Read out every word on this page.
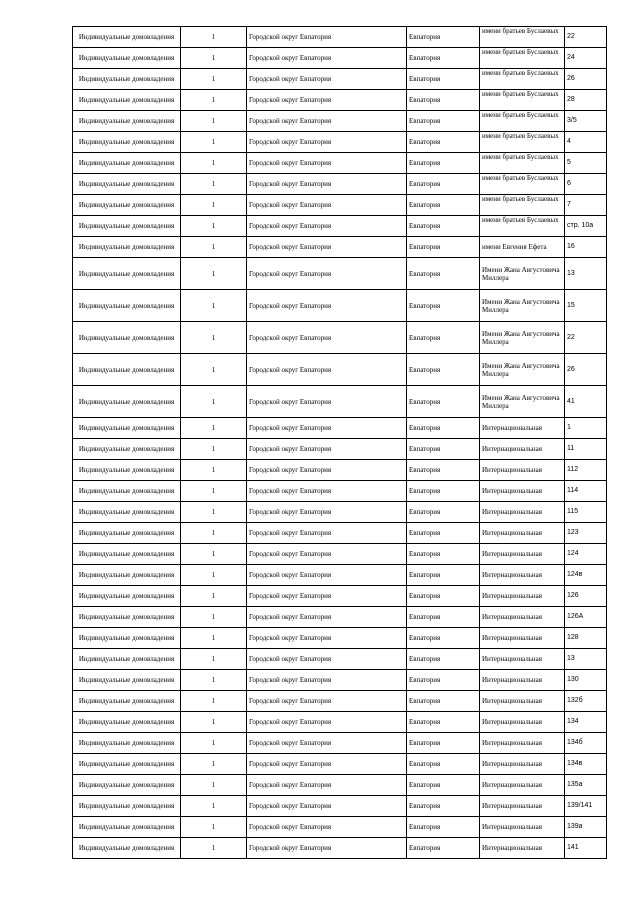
Индивидуальные домовладения	1	Городской округ Евпатория	Евпатория	имени братьев Буслаевых	22
Индивидуальные домовладения	1	Городской округ Евпатория	Евпатория	имени братьев Буслаевых	24
Индивидуальные домовладения	1	Городской округ Евпатория	Евпатория	имени братьев Буслаевых	26
Индивидуальные домовладения	1	Городской округ Евпатория	Евпатория	имени братьев Буслаевых	28
Индивидуальные домовладения	1	Городской округ Евпатория	Евпатория	имени братьев Буслаевых	3/5
Индивидуальные домовладения	1	Городской округ Евпатория	Евпатория	имени братьев Буслаевых	4
Индивидуальные домовладения	1	Городской округ Евпатория	Евпатория	имени братьев Буслаевых	5
Индивидуальные домовладения	1	Городской округ Евпатория	Евпатория	имени братьев Буслаевых	6
Индивидуальные домовладения	1	Городской округ Евпатория	Евпатория	имени братьев Буслаевых	7
Индивидуальные домовладения	1	Городской округ Евпатория	Евпатория	имени братьев Буслаевых	стр. 10а
Индивидуальные домовладения	1	Городской округ Евпатория	Евпатория	имени Евгения Ефета	16
Индивидуальные домовладения	1	Городской округ Евпатория	Евпатория	Имени Жана Августовича Миллера	13
Индивидуальные домовладения	1	Городской округ Евпатория	Евпатория	Имени Жана Августовича Миллера	15
Индивидуальные домовладения	1	Городской округ Евпатория	Евпатория	Имени Жана Августовича Миллера	22
Индивидуальные домовладения	1	Городской округ Евпатория	Евпатория	Имени Жана Августовича Миллера	26
Индивидуальные домовладения	1	Городской округ Евпатория	Евпатория	Имени Жана Августовича Миллера	41
Индивидуальные домовладения	1	Городской округ Евпатория	Евпатория	Интернациональная	1
Индивидуальные домовладения	1	Городской округ Евпатория	Евпатория	Интернациональная	11
Индивидуальные домовладения	1	Городской округ Евпатория	Евпатория	Интернациональная	112
Индивидуальные домовладения	1	Городской округ Евпатория	Евпатория	Интернациональная	114
Индивидуальные домовладения	1	Городской округ Евпатория	Евпатория	Интернациональная	115
Индивидуальные домовладения	1	Городской округ Евпатория	Евпатория	Интернациональная	123
Индивидуальные домовладения	1	Городской округ Евпатория	Евпатория	Интернациональная	124
Индивидуальные домовладения	1	Городской округ Евпатория	Евпатория	Интернациональная	124в
Индивидуальные домовладения	1	Городской округ Евпатория	Евпатория	Интернациональная	126
Индивидуальные домовладения	1	Городской округ Евпатория	Евпатория	Интернациональная	126А
Индивидуальные домовладения	1	Городской округ Евпатория	Евпатория	Интернациональная	128
Индивидуальные домовладения	1	Городской округ Евпатория	Евпатория	Интернациональная	13
Индивидуальные домовладения	1	Городской округ Евпатория	Евпатория	Интернациональная	130
Индивидуальные домовладения	1	Городской округ Евпатория	Евпатория	Интернациональная	132б
Индивидуальные домовладения	1	Городской округ Евпатория	Евпатория	Интернациональная	134
Индивидуальные домовладения	1	Городской округ Евпатория	Евпатория	Интернациональная	134б
Индивидуальные домовладения	1	Городской округ Евпатория	Евпатория	Интернациональная	134в
Индивидуальные домовладения	1	Городской округ Евпатория	Евпатория	Интернациональная	135а
Индивидуальные домовладения	1	Городской округ Евпатория	Евпатория	Интернациональная	139/141
Индивидуальные домовладения	1	Городской округ Евпатория	Евпатория	Интернациональная	139а
Индивидуальные домовладения	1	Городской округ Евпатория	Евпатория	Интернациональная	141
